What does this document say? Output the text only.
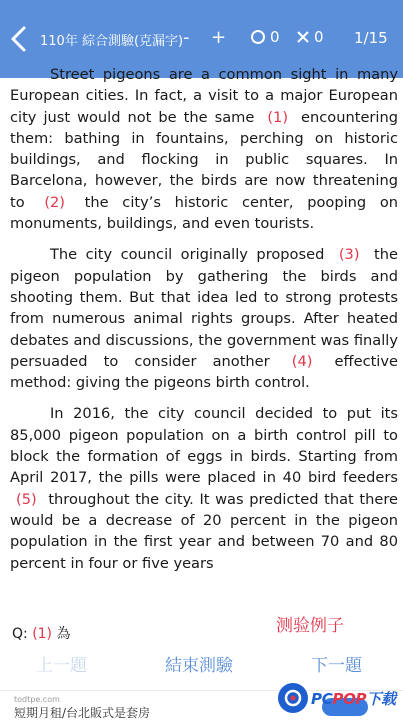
110年 綜合測驗(克漏字) - +	0 0 1/15

Street pigeons are a common sight in many European cities. In fact, a visit to a major European city just would not be the same (1) encountering them: bathing in fountains, perching on historic buildings, and flocking in public squares. In Barcelona, however, the birds are now threatening to (2) the city’s historic center, pooping on monuments, buildings, and even tourists.

The city council originally proposed (3) the pigeon population by gathering the birds and shooting them. But that idea led to strong protests from numerous animal rights groups. After heated debates and discussions, the government was finally persuaded to consider another (4) effective method: giving the pigeons birth control.

In 2016, the city council decided to put its 85,000 pigeon population on a birth control pill to block the formation of eggs in birds. Starting from April 2017, the pills were placed in 40 bird feeders (5) throughout the city. It was predicted that there would be a decrease of 20 percent in the pigeon population in the first year and between 70 and 80 percent in four or five years

测验例子
Q: (1) 為
上一題	結束測驗	下一題
todtpe.com
短期月租/台北販式是套房
PCPOP下载
